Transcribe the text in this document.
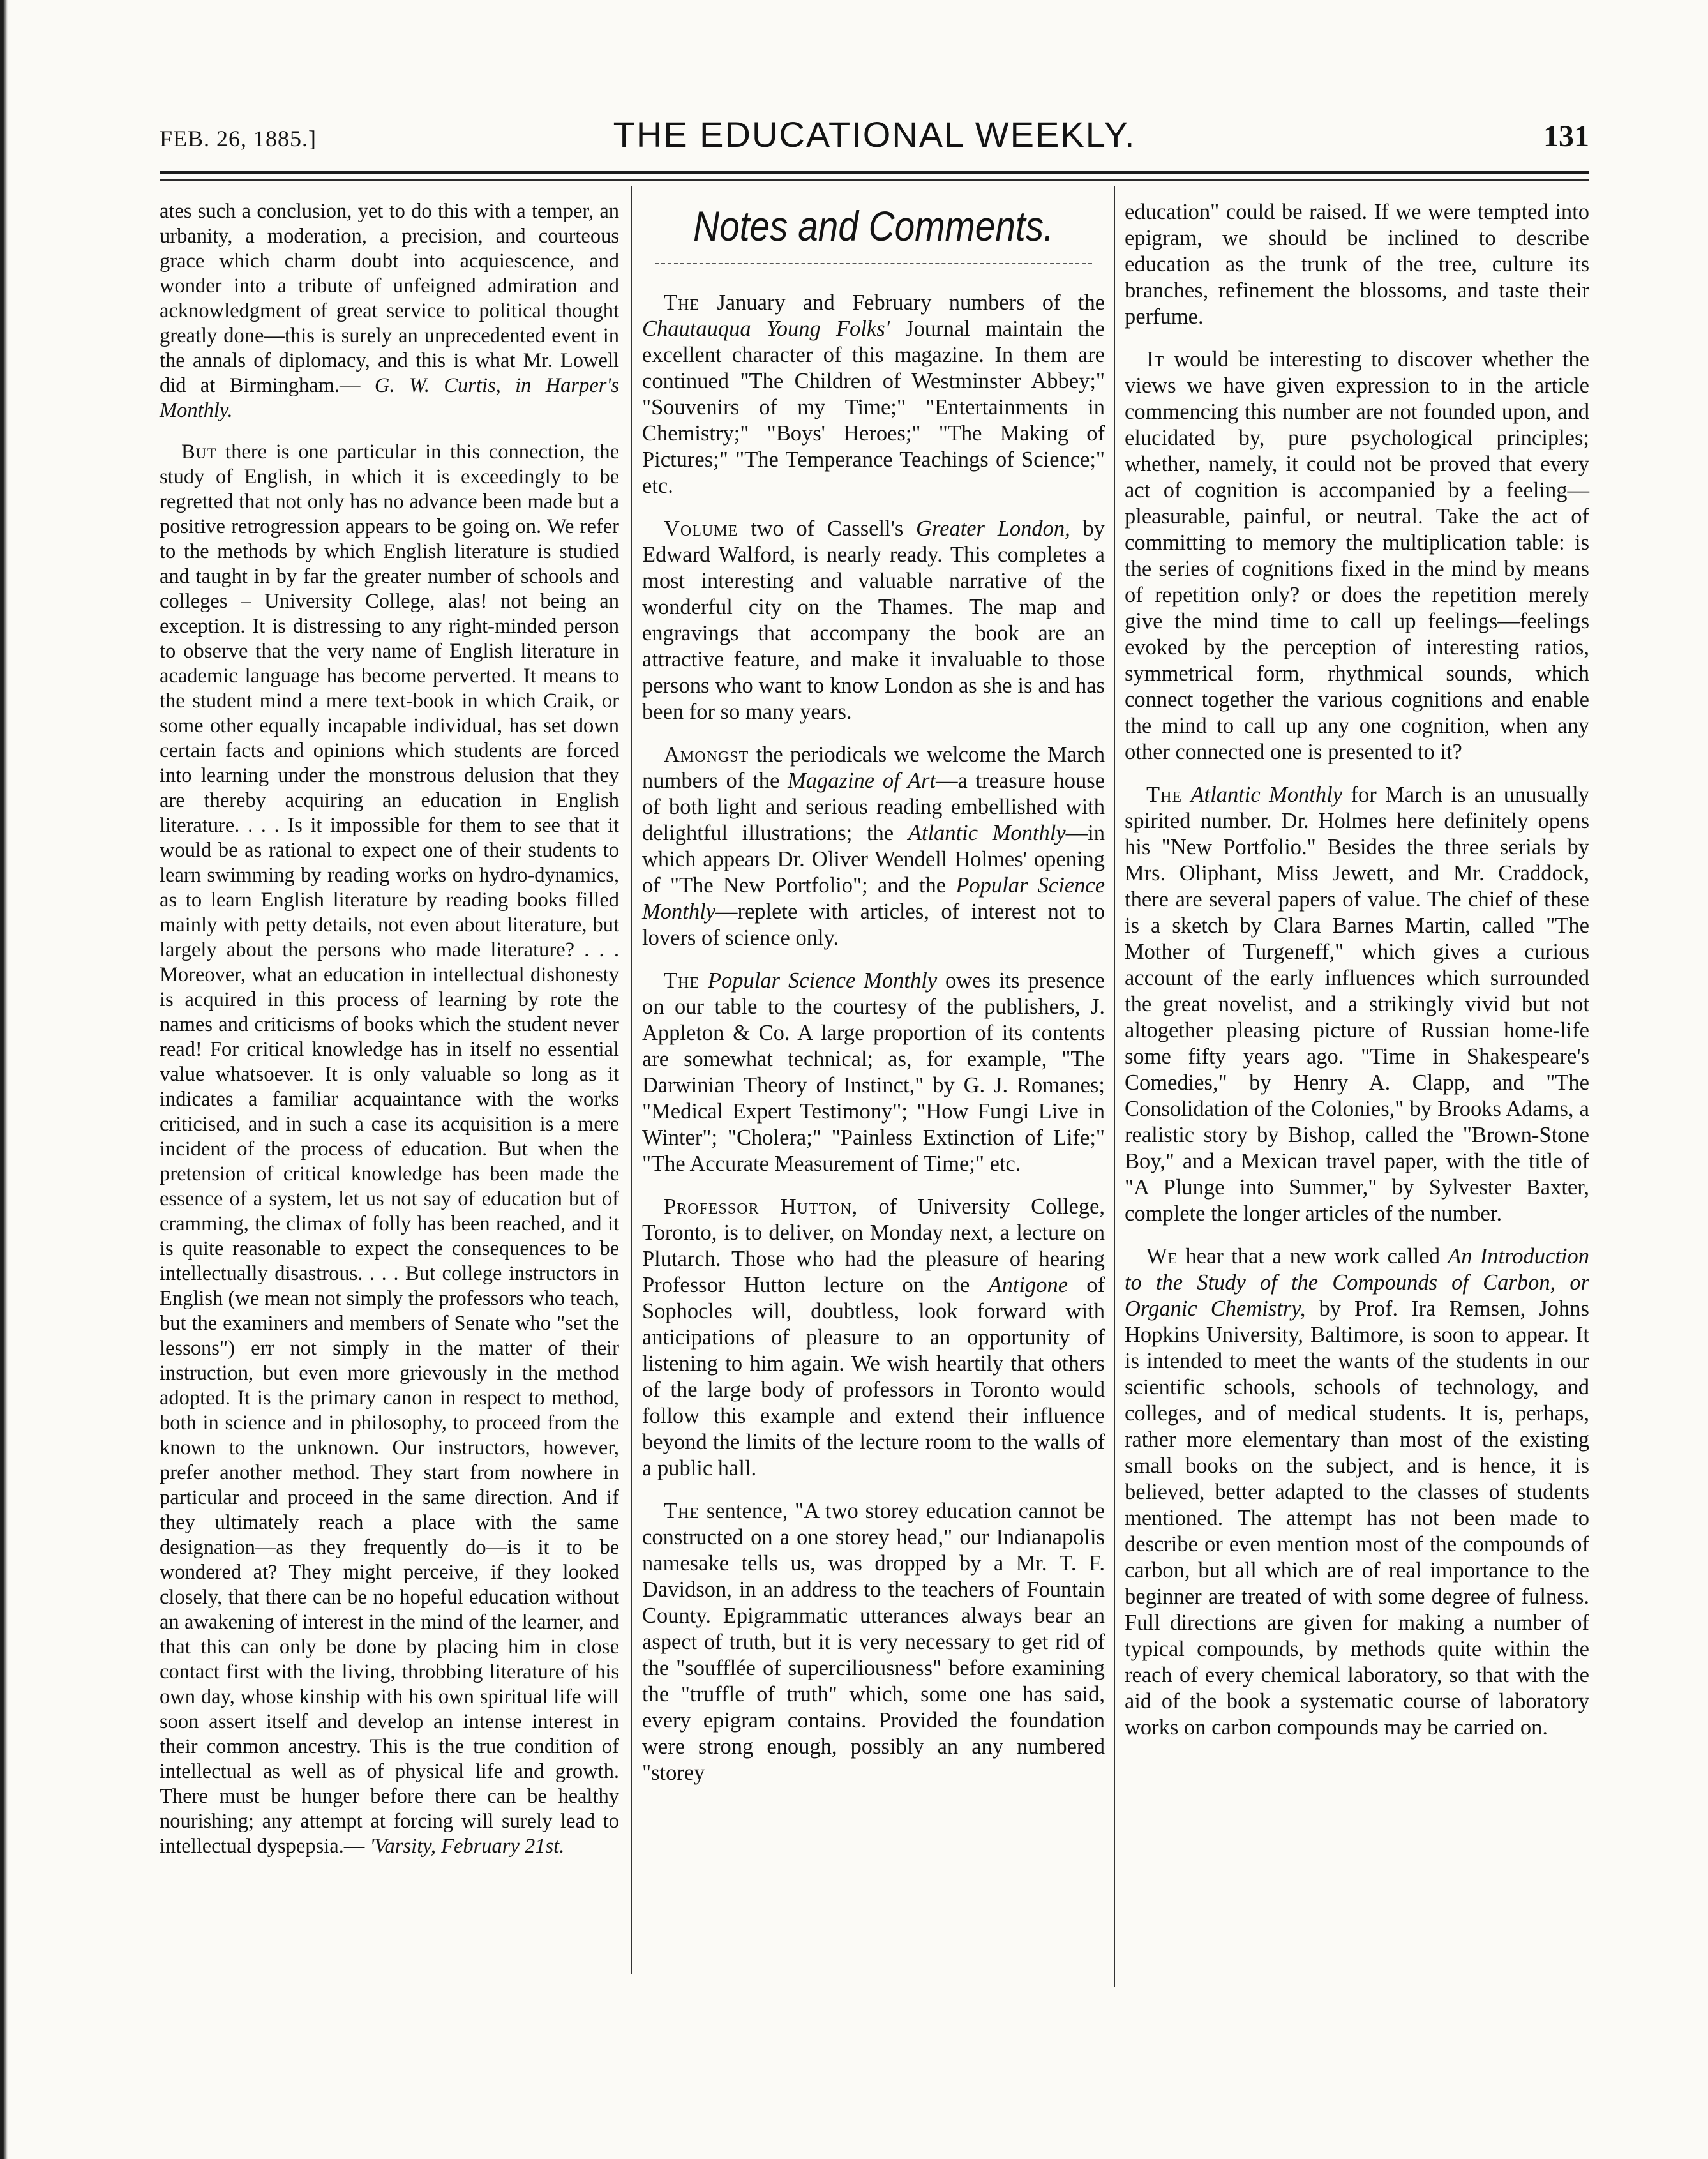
FEB. 26, 1885.]	THE EDUCATIONAL WEEKLY.	131

ates such a conclusion, yet to do this with a temper, an urbanity, a moderation, a precision, and courteous grace which charm doubt into acquiescence, and wonder into a tribute of unfeigned admiration and acknowledgment of great service to political thought greatly done—this is surely an unprecedented event in the annals of diplomacy, and this is what Mr. Lowell did at Birmingham.— G. W. Curtis, in Harper's Monthly.

But there is one particular in this connection, the study of English, in which it is exceedingly to be regretted that not only has no advance been made but a positive retrogression appears to be going on. We refer to the methods by which English literature is studied and taught in by far the greater number of schools and colleges – University College, alas! not being an exception. It is distressing to any right-minded person to observe that the very name of English literature in academic language has become perverted. It means to the student mind a mere text-book in which Craik, or some other equally incapable individual, has set down certain facts and opinions which students are forced into learning under the monstrous delusion that they are thereby acquiring an education in English literature. . . . Is it impossible for them to see that it would be as rational to expect one of their students to learn swimming by reading works on hydro-dynamics, as to learn English literature by reading books filled mainly with petty details, not even about literature, but largely about the persons who made literature? . . . Moreover, what an education in intellectual dishonesty is acquired in this process of learning by rote the names and criticisms of books which the student never read! For critical knowledge has in itself no essential value whatsoever. It is only valuable so long as it indicates a familiar acquaintance with the works criticised, and in such a case its acquisition is a mere incident of the process of education. But when the pretension of critical knowledge has been made the essence of a system, let us not say of education but of cramming, the climax of folly has been reached, and it is quite reasonable to expect the consequences to be intellectually disastrous. . . . But college instructors in English (we mean not simply the professors who teach, but the examiners and members of Senate who "set the lessons") err not simply in the matter of their instruction, but even more grievously in the method adopted. It is the primary canon in respect to method, both in science and in philosophy, to proceed from the known to the unknown. Our instructors, however, prefer another method. They start from nowhere in particular and proceed in the same direction. And if they ultimately reach a place with the same designation—as they frequently do—is it to be wondered at? They might perceive, if they looked closely, that there can be no hopeful education without an awakening of interest in the mind of the learner, and that this can only be done by placing him in close contact first with the living, throbbing literature of his own day, whose kinship with his own spiritual life will soon assert itself and develop an intense interest in their common ancestry. This is the true condition of intellectual as well as of physical life and growth. There must be hunger before there can be healthy nourishing; any attempt at forcing will surely lead to intellectual dyspepsia.— 'Varsity, February 21st.

Notes and Comments.

The January and February numbers of the Chautauqua Young Folks' Journal maintain the excellent character of this magazine. In them are continued "The Children of Westminster Abbey;" "Souvenirs of my Time;" "Entertainments in Chemistry;" "Boys' Heroes;" "The Making of Pictures;" "The Temperance Teachings of Science;" etc.

Volume two of Cassell's Greater London, by Edward Walford, is nearly ready. This completes a most interesting and valuable narrative of the wonderful city on the Thames. The map and engravings that accompany the book are an attractive feature, and make it invaluable to those persons who want to know London as she is and has been for so many years.

Amongst the periodicals we welcome the March numbers of the Magazine of Art—a treasure house of both light and serious reading embellished with delightful illustrations; the Atlantic Monthly—in which appears Dr. Oliver Wendell Holmes' opening of "The New Portfolio"; and the Popular Science Monthly—replete with articles, of interest not to lovers of science only.

The Popular Science Monthly owes its presence on our table to the courtesy of the publishers, J. Appleton & Co. A large proportion of its contents are somewhat technical; as, for example, "The Darwinian Theory of Instinct," by G. J. Romanes; "Medical Expert Testimony"; "How Fungi Live in Winter"; "Cholera;" "Painless Extinction of Life;" "The Accurate Measurement of Time;" etc.

Professor Hutton, of University College, Toronto, is to deliver, on Monday next, a lecture on Plutarch. Those who had the pleasure of hearing Professor Hutton lecture on the Antigone of Sophocles will, doubtless, look forward with anticipations of pleasure to an opportunity of listening to him again. We wish heartily that others of the large body of professors in Toronto would follow this example and extend their influence beyond the limits of the lecture room to the walls of a public hall.

The sentence, "A two storey education cannot be constructed on a one storey head," our Indianapolis namesake tells us, was dropped by a Mr. T. F. Davidson, in an address to the teachers of Fountain County. Epigrammatic utterances always bear an aspect of truth, but it is very necessary to get rid of the "soufflée of superciliousness" before examining the "truffle of truth" which, some one has said, every epigram contains. Provided the foundation were strong enough, possibly an any numbered "storey

education" could be raised. If we were tempted into epigram, we should be inclined to describe education as the trunk of the tree, culture its branches, refinement the blossoms, and taste their perfume.

It would be interesting to discover whether the views we have given expression to in the article commencing this number are not founded upon, and elucidated by, pure psychological principles; whether, namely, it could not be proved that every act of cognition is accompanied by a feeling—pleasurable, painful, or neutral. Take the act of committing to memory the multiplication table: is the series of cognitions fixed in the mind by means of repetition only? or does the repetition merely give the mind time to call up feelings—feelings evoked by the perception of interesting ratios, symmetrical form, rhythmical sounds, which connect together the various cognitions and enable the mind to call up any one cognition, when any other connected one is presented to it?

The Atlantic Monthly for March is an unusually spirited number. Dr. Holmes here definitely opens his "New Portfolio." Besides the three serials by Mrs. Oliphant, Miss Jewett, and Mr. Craddock, there are several papers of value. The chief of these is a sketch by Clara Barnes Martin, called "The Mother of Turgeneff," which gives a curious account of the early influences which surrounded the great novelist, and a strikingly vivid but not altogether pleasing picture of Russian home-life some fifty years ago. "Time in Shakespeare's Comedies," by Henry A. Clapp, and "The Consolidation of the Colonies," by Brooks Adams, a realistic story by Bishop, called the "Brown-Stone Boy," and a Mexican travel paper, with the title of "A Plunge into Summer," by Sylvester Baxter, complete the longer articles of the number.

We hear that a new work called An Introduction to the Study of the Compounds of Carbon, or Organic Chemistry, by Prof. Ira Remsen, Johns Hopkins University, Baltimore, is soon to appear. It is intended to meet the wants of the students in our scientific schools, schools of technology, and colleges, and of medical students. It is, perhaps, rather more elementary than most of the existing small books on the subject, and is hence, it is believed, better adapted to the classes of students mentioned. The attempt has not been made to describe or even mention most of the compounds of carbon, but all which are of real importance to the beginner are treated of with some degree of fulness. Full directions are given for making a number of typical compounds, by methods quite within the reach of every chemical laboratory, so that with the aid of the book a systematic course of laboratory works on carbon compounds may be carried on.
